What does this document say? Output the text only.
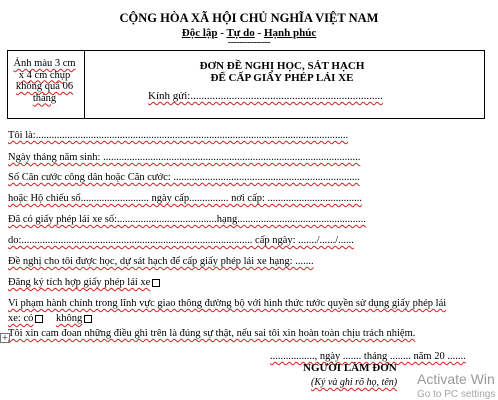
CỘNG HÒA XÃ HỘI CHỦ NGHĨA VIỆT NAM
Độc lập - Tự do - Hạnh phúc
---------------
Ảnh màu 3 cm
x 4 cm chụp
không quá 06
tháng
ĐƠN ĐỀ NGHỊ HỌC, SÁT HẠCH
ĐỂ CẤP GIẤY PHÉP LÁI XE
Kính gửi:......................................................................
Tôi là:.......................................................................................................................
Ngày tháng năm sinh: ..................................................................................................
Số Căn cước công dân hoặc Căn cước: .......................................................................
hoặc Hộ chiếu số.......................... ngày cấp............... nơi cấp: ....................................
Đã có giấy phép lái xe số:......................................hạng.................................................
do:........................................................................................ cấp ngày: ......./....../......
Đề nghị cho tôi được học, dự sát hạch để cấp giấy phép lái xe hạng: .......
Đăng ký tích hợp giấy phép lái xe
Vi phạm hành chính trong lĩnh vực giao thông đường bộ với hình thức tước quyền sử dụng giấy phép lái
xe: có không
Tôi xin cam đoan những điều ghi trên là đúng sự thật, nếu sai tôi xin hoàn toàn chịu trách nhiệm.
+
................., ngày ....... tháng ........ năm 20 .......
NGƯỜI LÀM ĐƠN
(Ký và ghi rõ họ, tên) Activate Win
Go to PC settings
